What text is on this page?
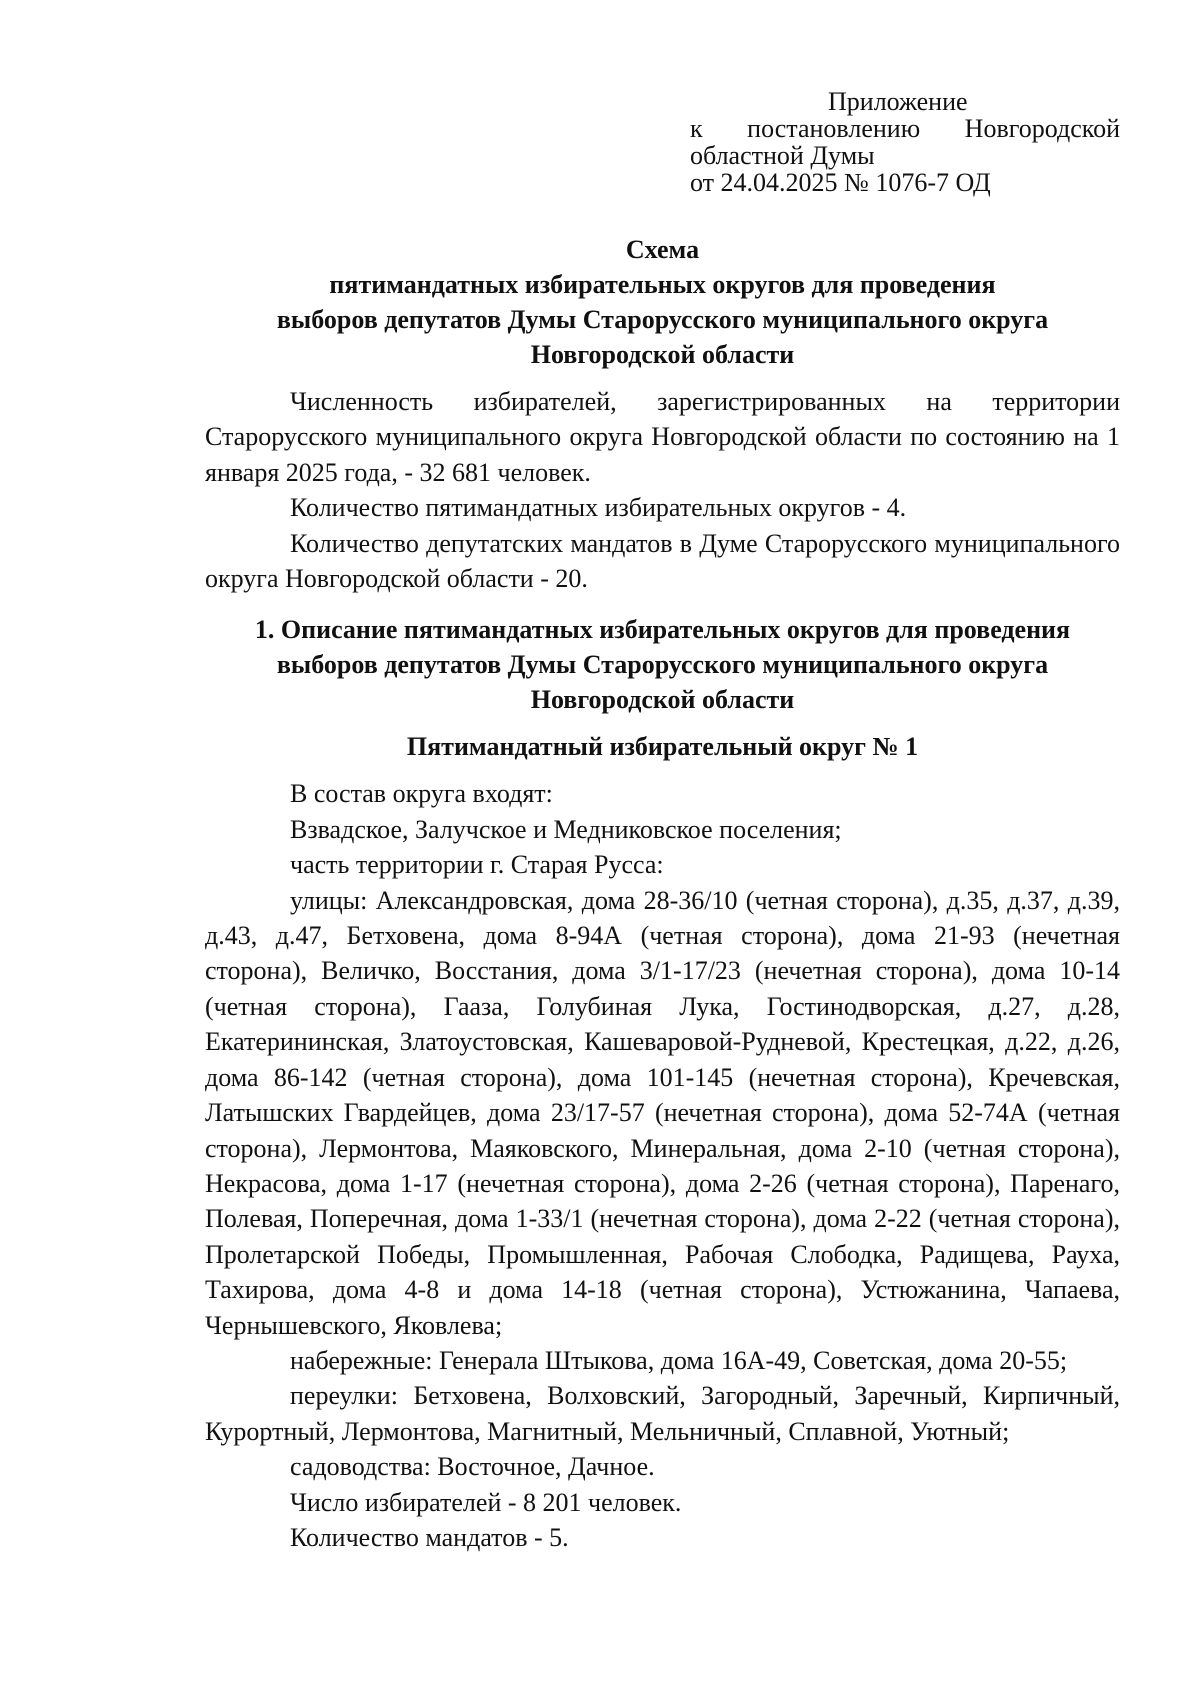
Приложение
к постановлению Новгородской
областной Думы
от 24.04.2025 № 1076-7 ОД
Схема
пятимандатных избирательных округов для проведения
выборов депутатов Думы Старорусского муниципального округа
Новгородской области

Численность избирателей, зарегистрированных на территории Старорусского муниципального округа Новгородской области по состоянию на 1 января 2025 года, - 32 681 человек.

Количество пятимандатных избирательных округов - 4.

Количество депутатских мандатов в Думе Старорусского муниципального округа Новгородской области - 20.

1. Описание пятимандатных избирательных округов для проведения
выборов депутатов Думы Старорусского муниципального округа
Новгородской области
Пятимандатный избирательный округ № 1

В состав округа входят:

Взвадское, Залучское и Медниковское поселения;

часть территории г. Старая Русса:

улицы: Александровская, дома 28-36/10 (четная сторона), д.35, д.37, д.39, д.43, д.47, Бетховена, дома 8-94А (четная сторона), дома 21-93 (нечетная сторона), Величко, Восстания, дома 3/1-17/23 (нечетная сторона), дома 10-14 (четная сторона), Гааза, Голубиная Лука, Гостинодворская, д.27, д.28, Екатерининская, Златоустовская, Кашеваровой-Рудневой, Крестецкая, д.22, д.26, дома 86-142 (четная сторона), дома 101-145 (нечетная сторона), Кречевская, Латышских Гвардейцев, дома 23/17-57 (нечетная сторона), дома 52-74А (четная сторона), Лермонтова, Маяковского, Минеральная, дома 2-10 (четная сторона), Некрасова, дома 1-17 (нечетная сторона), дома 2-26 (четная сторона), Паренаго, Полевая, Поперечная, дома 1-33/1 (нечетная сторона), дома 2-22 (четная сторона), Пролетарской Победы, Промышленная, Рабочая Слободка, Радищева, Рауха, Тахирова, дома 4-8 и дома 14-18 (четная сторона), Устюжанина, Чапаева, Чернышевского, Яковлева;

набережные: Генерала Штыкова, дома 16А-49, Советская, дома 20-55;

переулки: Бетховена, Волховский, Загородный, Заречный, Кирпичный, Курортный, Лермонтова, Магнитный, Мельничный, Сплавной, Уютный;

садоводства: Восточное, Дачное.

Число избирателей - 8 201 человек.

Количество мандатов - 5.
